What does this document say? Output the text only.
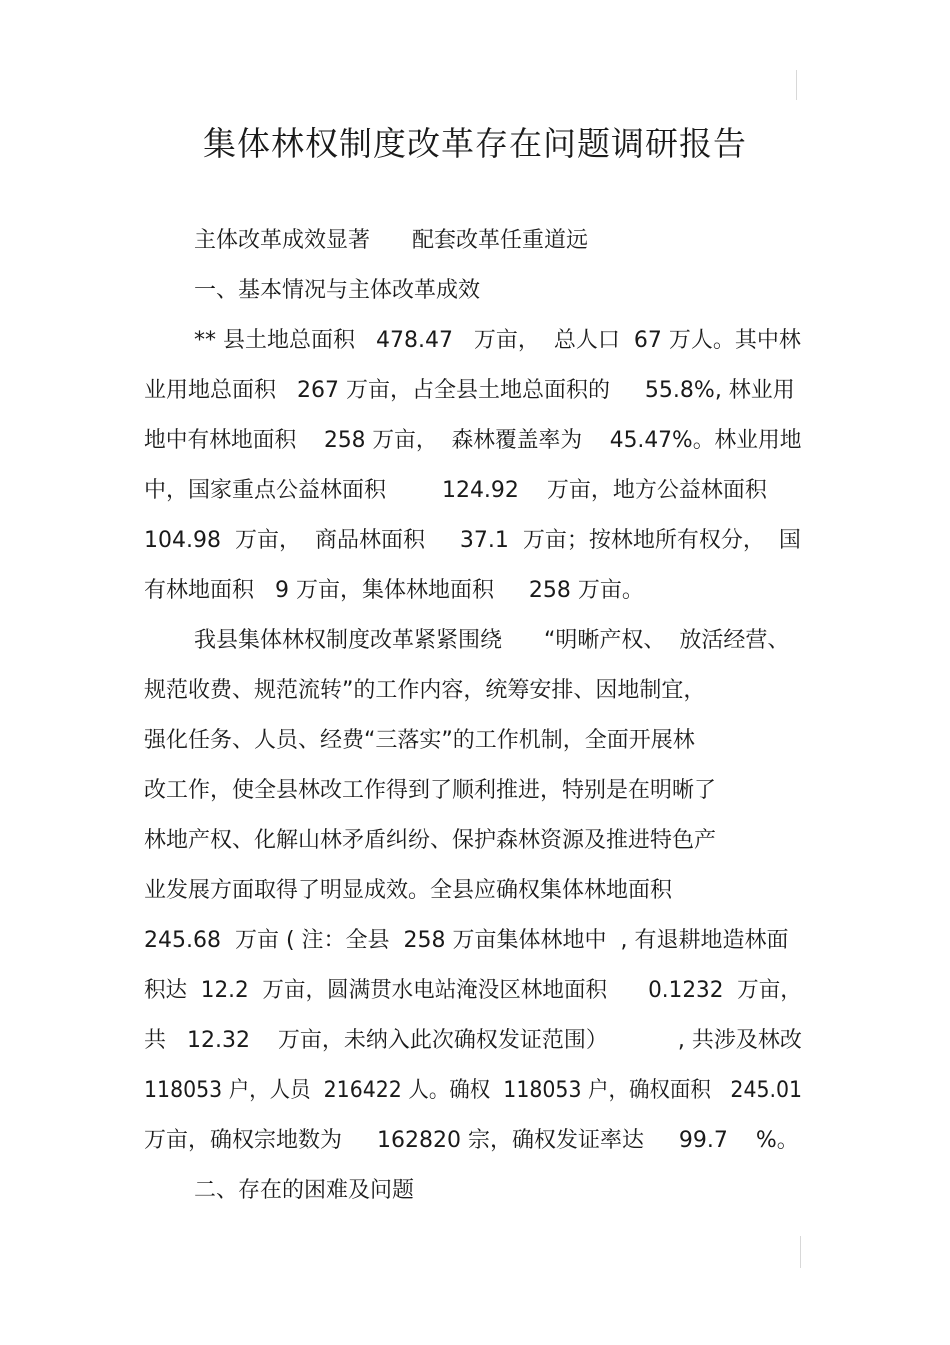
集体林权制度改革存在问题调研报告
主体改革成效显著      配套改革任重道远
一、基本情况与主体改革成效
** 县土地总面积   478.47   万亩，  总人口  67 万人。其中林
业用地总面积   267 万亩，占全县土地总面积的     55.8%, 林业用
地中有林地面积    258 万亩，  森林覆盖率为    45.47%。林业用地
中，国家重点公益林面积        124.92    万亩，地方公益林面积
104.98  万亩，  商品林面积     37.1  万亩；按林地所有权分，  国
有林地面积   9 万亩，集体林地面积     258 万亩。
我县集体林权制度改革紧紧围绕      “明晰产权、  放活经营、
规范收费、规范流转”的工作内容，统筹安排、因地制宜，
强化任务、人员、经费“三落实”的工作机制，全面开展林
改工作，使全县林改工作得到了顺利推进，特别是在明晰了
林地产权、化解山林矛盾纠纷、保护森林资源及推进特色产
业发展方面取得了明显成效。全县应确权集体林地面积
245.68  万亩 ( 注：全县  258 万亩集体林地中  , 有退耕地造林面
积达  12.2  万亩，圆满贯水电站淹没区林地面积      0.1232  万亩，
共   12.32    万亩，未纳入此次确权发证范围）          , 共涉及林改
118053 户，人员  216422 人。确权  118053 户，确权面积   245.01
万亩，确权宗地数为     162820 宗，确权发证率达     99.7    %。
二、存在的困难及问题
